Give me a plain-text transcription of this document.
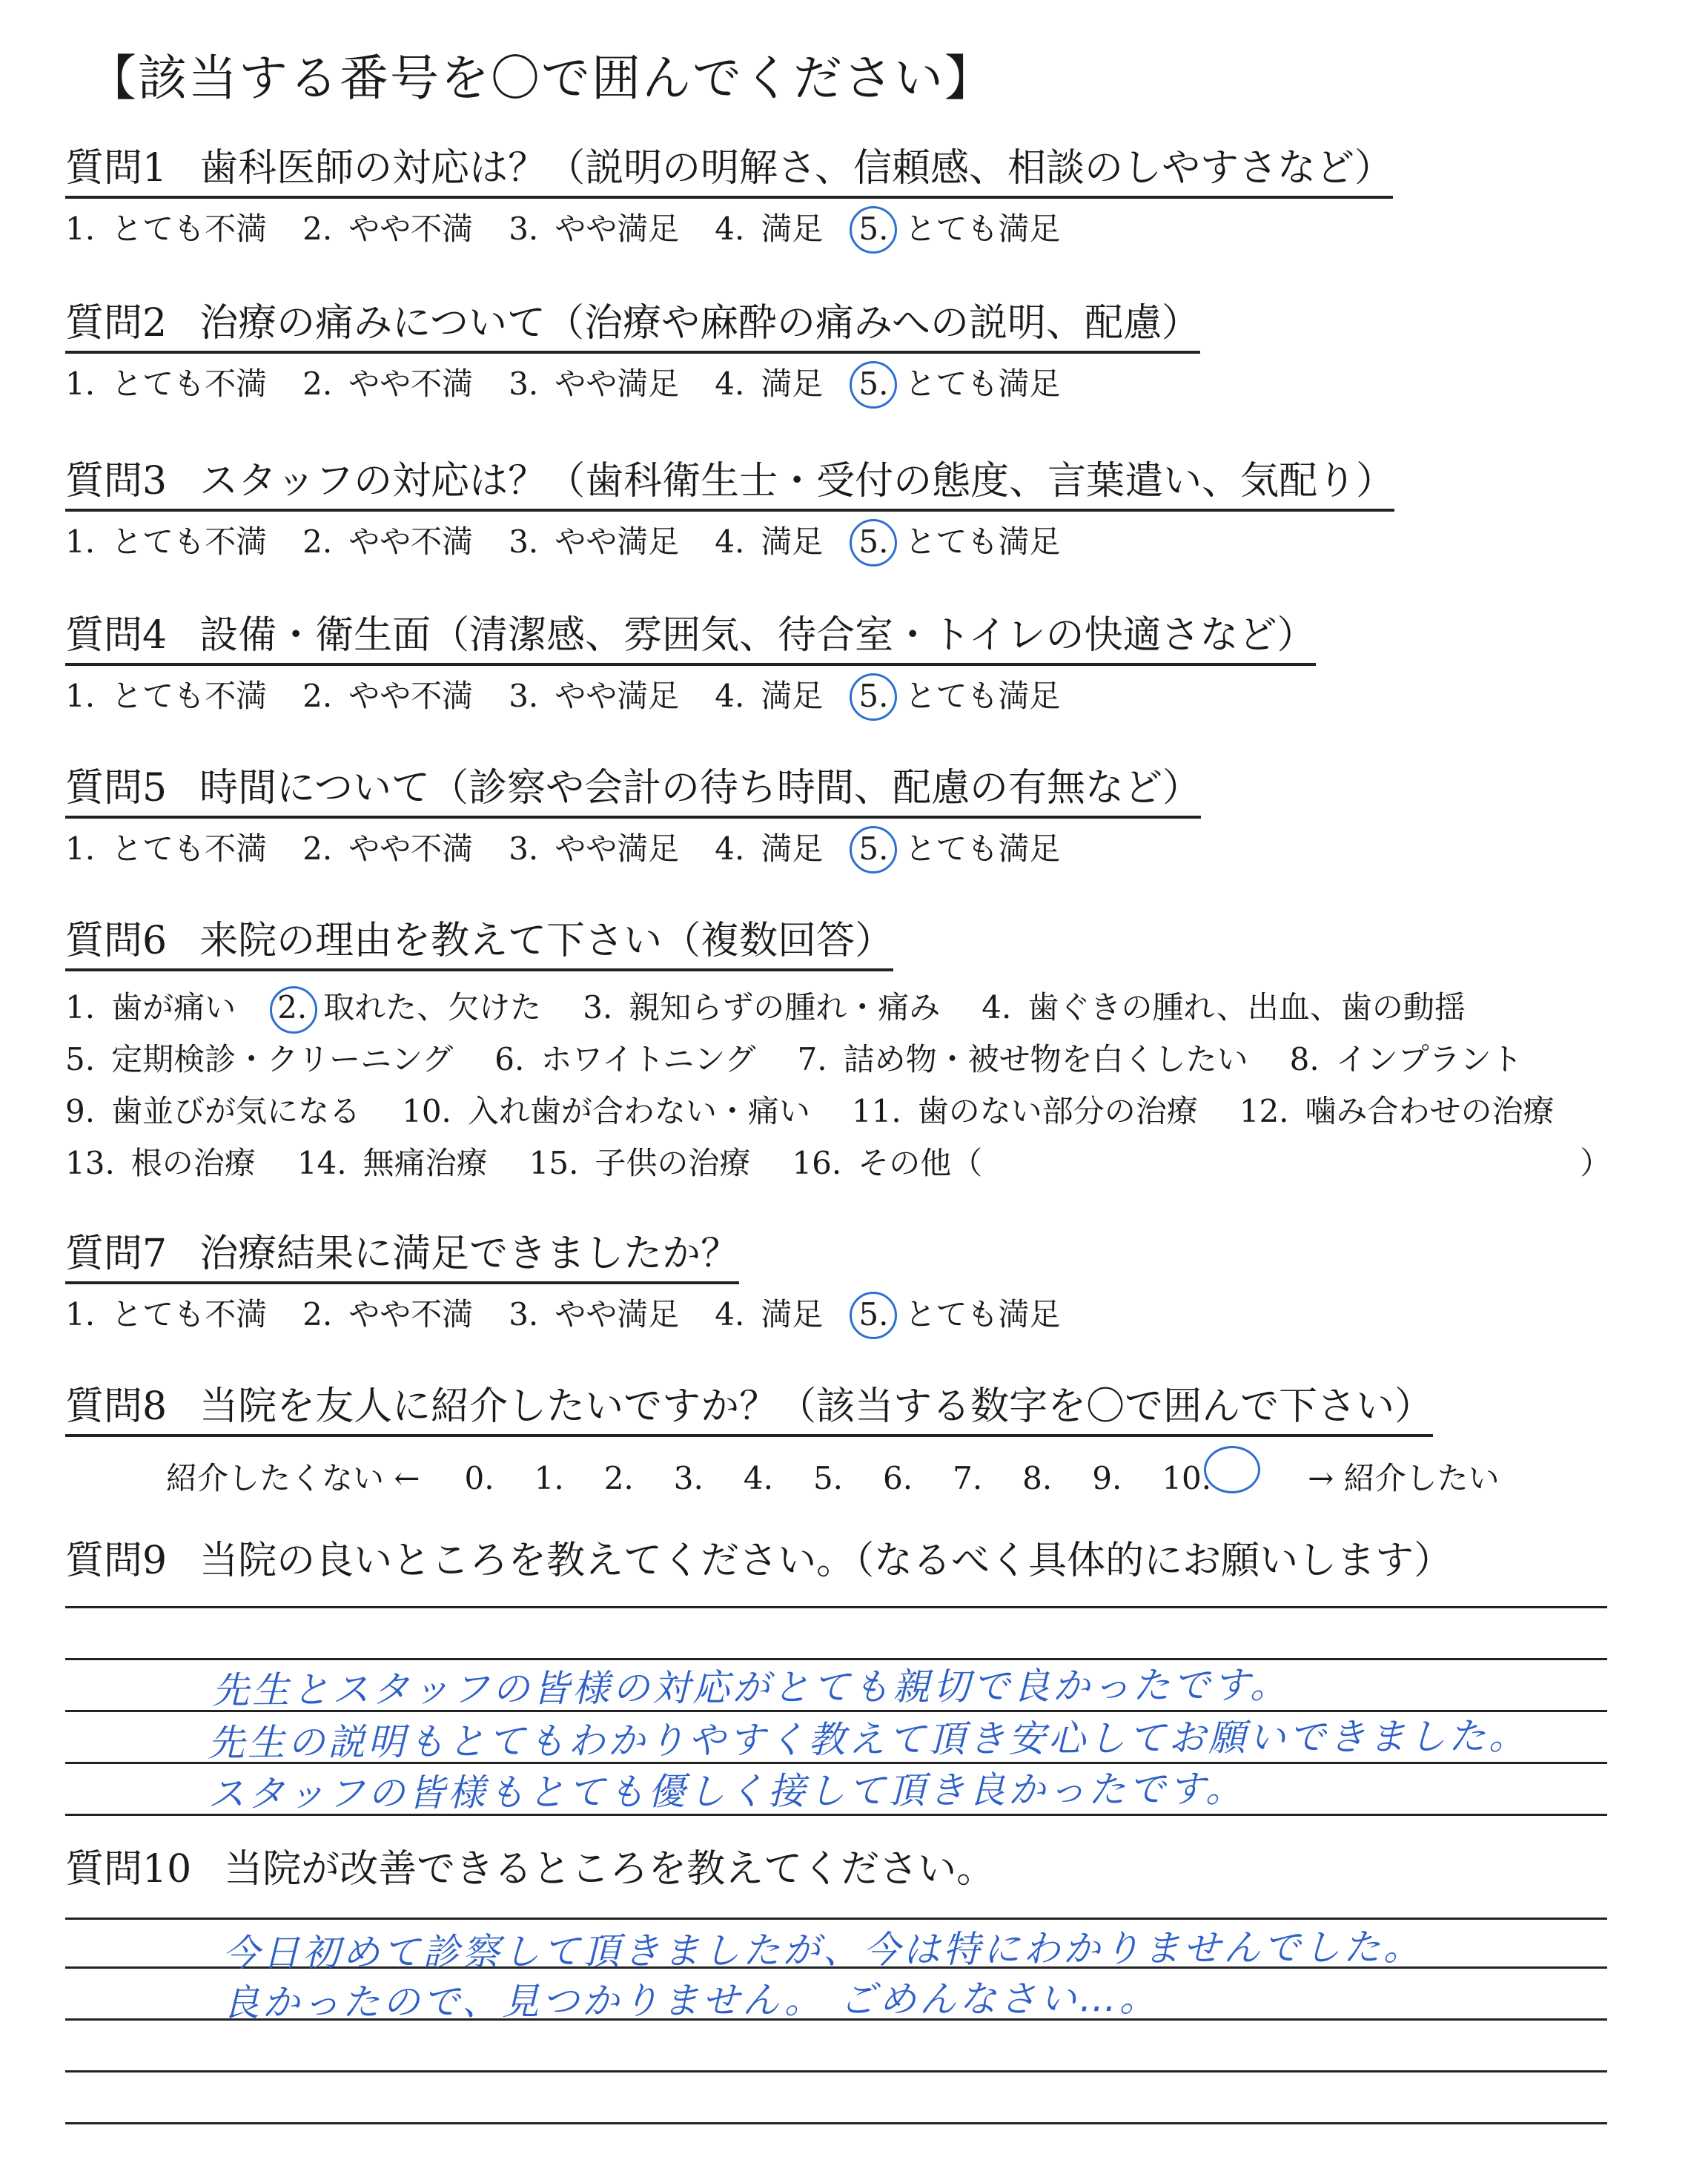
【該当する番号を〇で囲んでください】
質問1 歯科医師の対応は？（説明の明解さ、信頼感、相談のしやすさなど）
1. とても不満 2. やや不満 3. やや満足 4. 満足 5. とても満足
質問2 治療の痛みについて（治療や麻酔の痛みへの説明、配慮）
1. とても不満 2. やや不満 3. やや満足 4. 満足 5. とても満足
質問3 スタッフの対応は？（歯科衛生士・受付の態度、言葉遣い、気配り）
1. とても不満 2. やや不満 3. やや満足 4. 満足 5. とても満足
質問4 設備・衛生面（清潔感、雰囲気、待合室・トイレの快適さなど）
1. とても不満 2. やや不満 3. やや満足 4. 満足 5. とても満足
質問5 時間について（診察や会計の待ち時間、配慮の有無など）
1. とても不満 2. やや不満 3. やや満足 4. 満足 5. とても満足
質問6 来院の理由を教えて下さい（複数回答）
1. 歯が痛い 2. 取れた、欠けた 3. 親知らずの腫れ・痛み 4. 歯ぐきの腫れ、出血、歯の動揺
5. 定期検診・クリーニング 6. ホワイトニング 7. 詰め物・被せ物を白くしたい 8. インプラント
9. 歯並びが気になる 10. 入れ歯が合わない・痛い 11. 歯のない部分の治療 12. 噛み合わせの治療
13. 根の治療 14. 無痛治療 15. 子供の治療 16. その他（	）
質問7 治療結果に満足できましたか？
1. とても不満 2. やや不満 3. やや満足 4. 満足 5. とても満足
質問8 当院を友人に紹介したいですか？（該当する数字を〇で囲んで下さい）
紹介したくない ← 0. 1. 2. 3. 4. 5. 6. 7. 8. 9. 10.	→ 紹介したい
質問9 当院の良いところを教えてください。（なるべく具体的にお願いします）
先生とスタッフの皆様の対応がとても親切で良かったです。
先生の説明もとてもわかりやすく教えて頂き安心してお願いできました。
スタッフの皆様もとても優しく接して頂き良かったです。
質問10 当院が改善できるところを教えてください。
今日初めて診察して頂きましたが、今は特にわかりませんでした。
良かったので、見つかりません。 ごめんなさい…。
